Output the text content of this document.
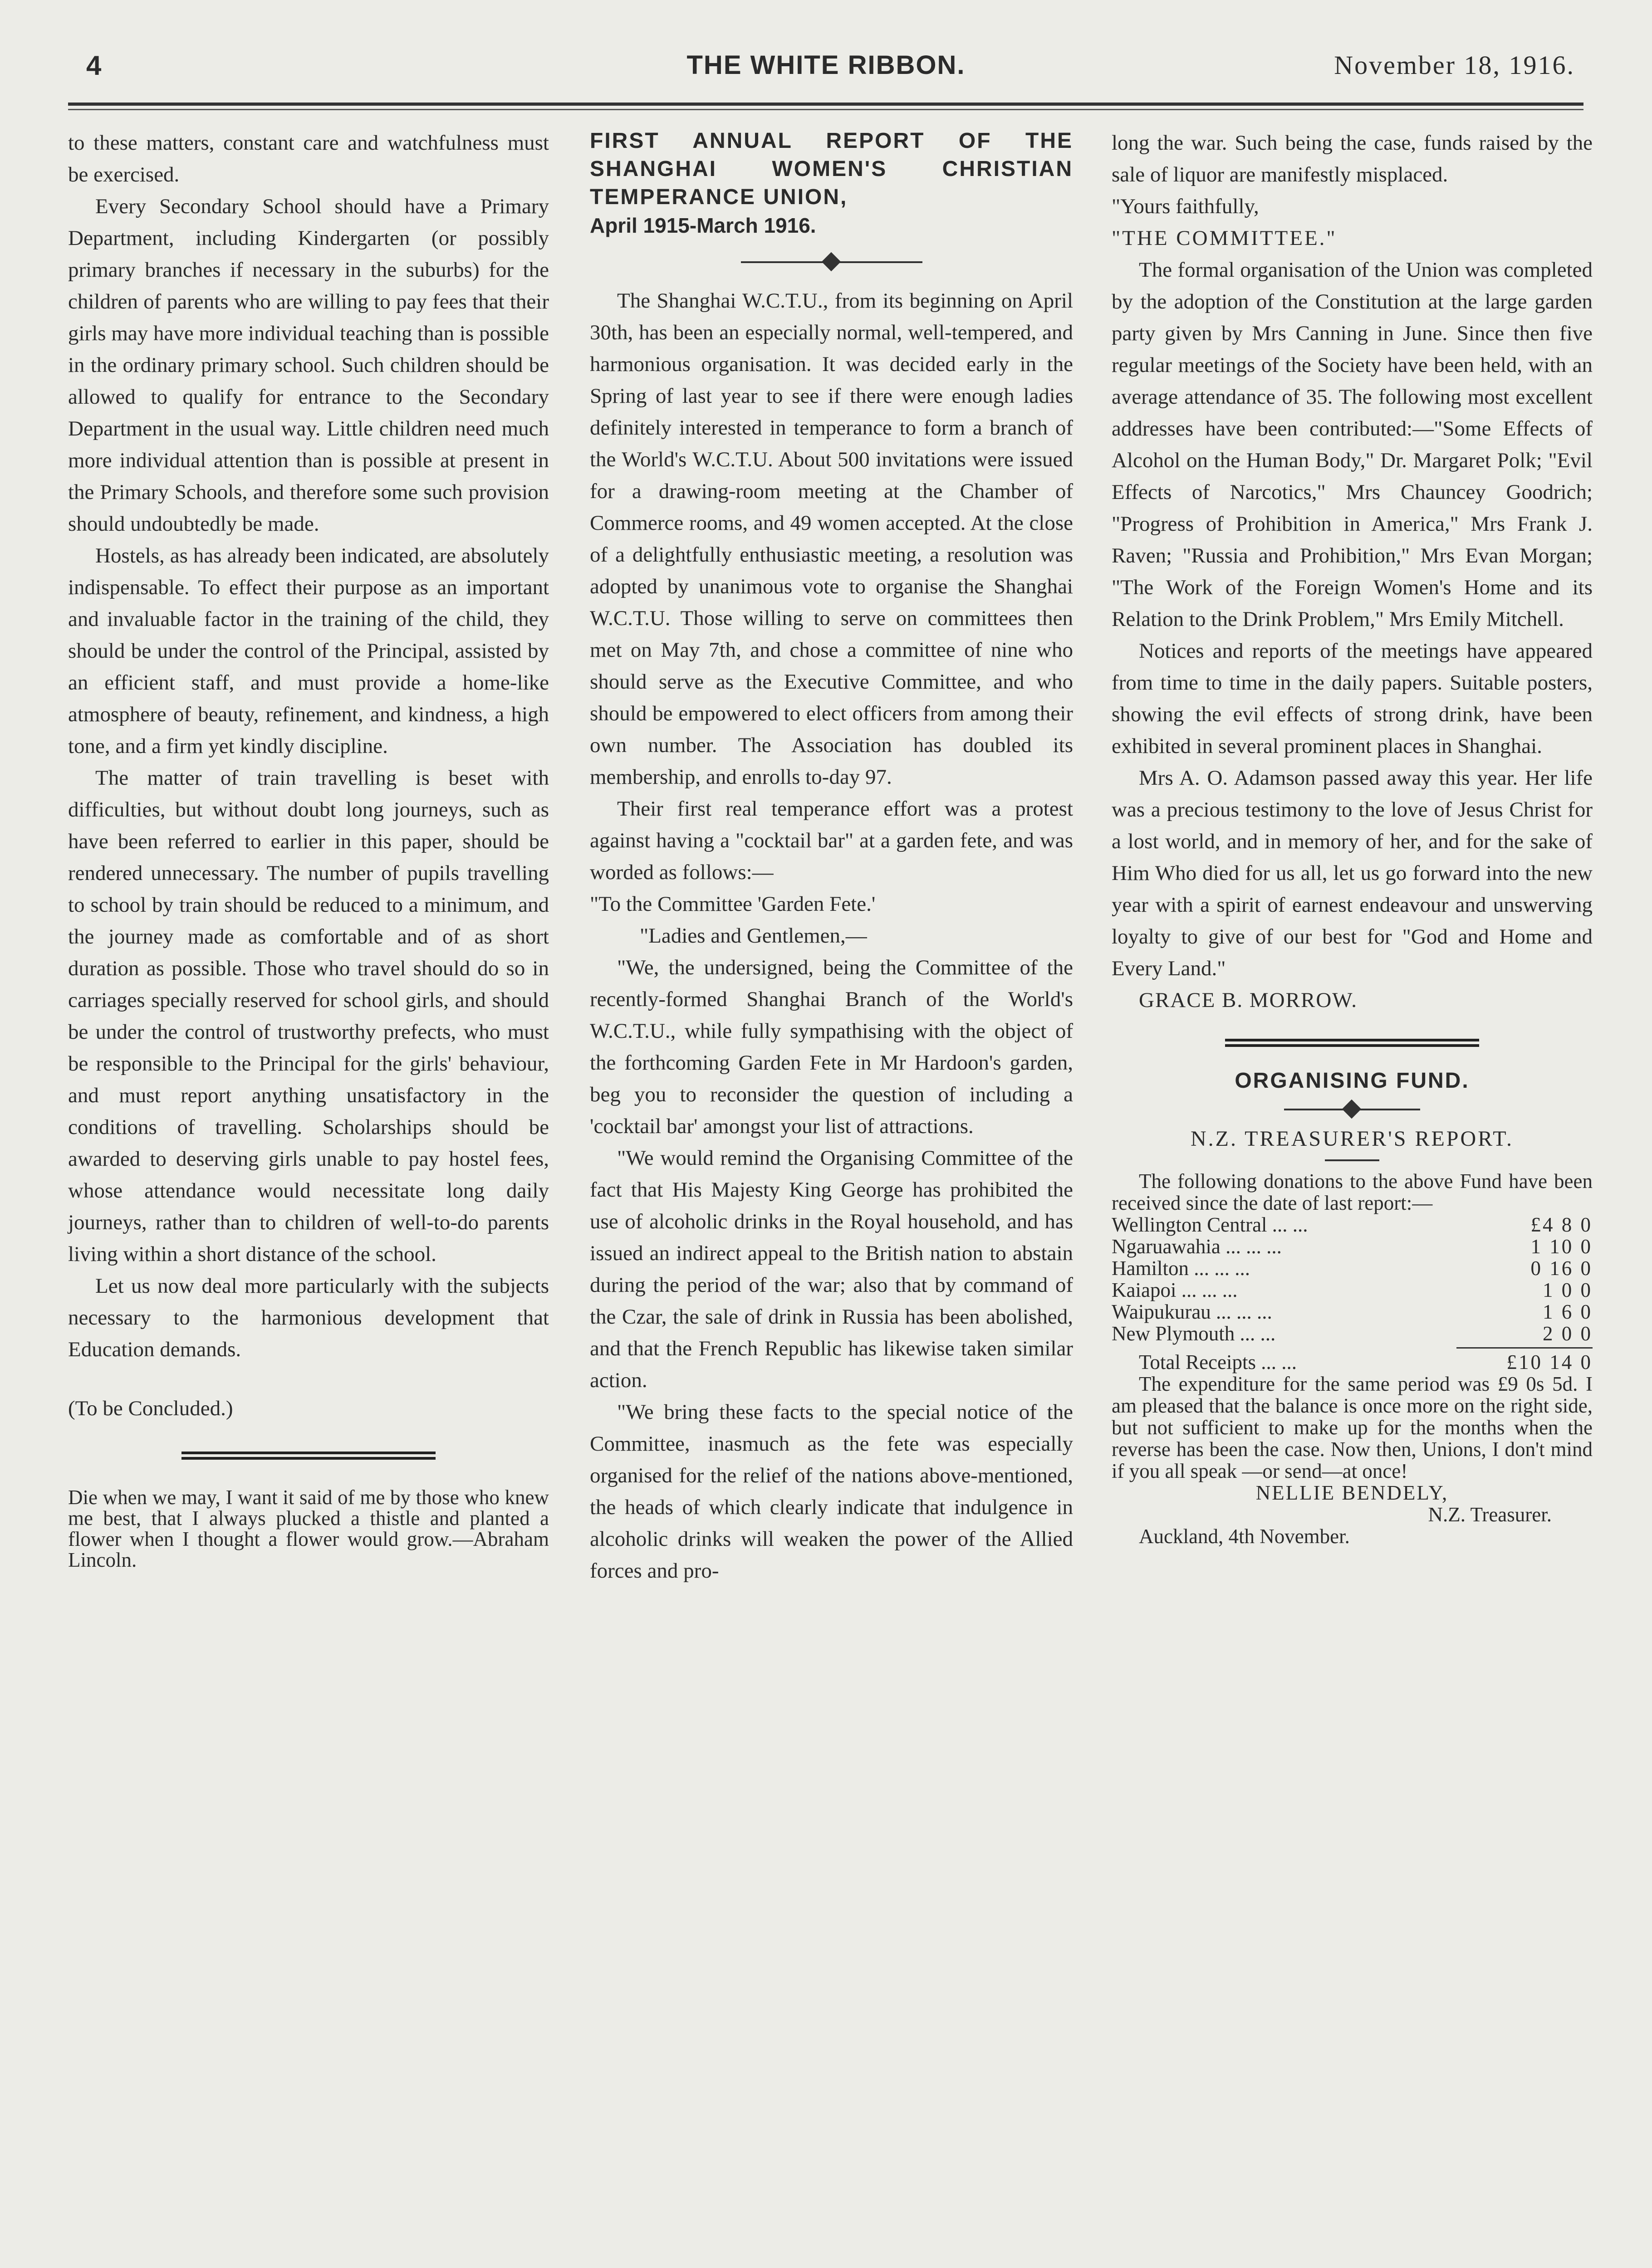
THE WHITE RIBBON.
4	November 18, 1916.

to these matters, constant care and watchfulness must be exercised.

Every Secondary School should have a Primary Department, including Kindergarten (or possibly primary branches if necessary in the suburbs) for the children of parents who are willing to pay fees that their girls may have more individual teaching than is possible in the ordinary primary school. Such children should be allowed to qualify for entrance to the Secondary Department in the usual way. Little children need much more individual attention than is possible at present in the Primary Schools, and therefore some such provision should undoubtedly be made.

Hostels, as has already been indicated, are absolutely indispensable. To effect their purpose as an important and invaluable factor in the training of the child, they should be under the control of the Principal, assisted by an efficient staff, and must provide a home-like atmosphere of beauty, refinement, and kindness, a high tone, and a firm yet kindly discipline.

The matter of train travelling is beset with difficulties, but without doubt long journeys, such as have been referred to earlier in this paper, should be rendered unnecessary. The number of pupils travelling to school by train should be reduced to a minimum, and the journey made as comfortable and of as short duration as possible. Those who travel should do so in carriages specially reserved for school girls, and should be under the control of trustworthy prefects, who must be responsible to the Principal for the girls' behaviour, and must report anything unsatisfactory in the conditions of travelling. Scholarships should be awarded to deserving girls unable to pay hostel fees, whose attendance would necessitate long daily journeys, rather than to children of well-to-do parents living within a short distance of the school.

Let us now deal more particularly with the subjects necessary to the harmonious development that Education demands.

(To be Concluded.)

Die when we may, I want it said of me by those who knew me best, that I always plucked a thistle and planted a flower when I thought a flower would grow.—Abraham Lincoln.

FIRST ANNUAL REPORT OF THE SHANGHAI WOMEN'S CHRISTIAN TEMPERANCE UNION,
April 1915-March 1916.

The Shanghai W.C.T.U., from its beginning on April 30th, has been an especially normal, well-tempered, and harmonious organisation. It was decided early in the Spring of last year to see if there were enough ladies definitely interested in temperance to form a branch of the World's W.C.T.U. About 500 invitations were issued for a drawing-room meeting at the Chamber of Commerce rooms, and 49 women accepted. At the close of a delightfully enthusiastic meeting, a resolution was adopted by unanimous vote to organise the Shanghai W.C.T.U. Those willing to serve on committees then met on May 7th, and chose a committee of nine who should serve as the Executive Committee, and who should be empowered to elect officers from among their own number. The Association has doubled its membership, and enrolls to-day 97.

Their first real temperance effort was a protest against having a "cocktail bar" at a garden fete, and was worded as follows:—

"To the Committee 'Garden Fete.'

"Ladies and Gentlemen,—

"We, the undersigned, being the Committee of the recently-formed Shanghai Branch of the World's W.C.T.U., while fully sympathising with the object of the forthcoming Garden Fete in Mr Hardoon's garden, beg you to reconsider the question of including a 'cocktail bar' amongst your list of attractions.

"We would remind the Organising Committee of the fact that His Majesty King George has prohibited the use of alcoholic drinks in the Royal household, and has issued an indirect appeal to the British nation to abstain during the period of the war; also that by command of the Czar, the sale of drink in Russia has been abolished, and that the French Republic has likewise taken similar action.

"We bring these facts to the special notice of the Committee, inasmuch as the fete was especially organised for the relief of the nations above-mentioned, the heads of which clearly indicate that indulgence in alcoholic drinks will weaken the power of the Allied forces and pro-

long the war. Such being the case, funds raised by the sale of liquor are manifestly misplaced.

"Yours faithfully,

"THE COMMITTEE."

The formal organisation of the Union was completed by the adoption of the Constitution at the large garden party given by Mrs Canning in June. Since then five regular meetings of the Society have been held, with an average attendance of 35. The following most excellent addresses have been contributed:—"Some Effects of Alcohol on the Human Body," Dr. Margaret Polk; "Evil Effects of Narcotics," Mrs Chauncey Goodrich; "Progress of Prohibition in America," Mrs Frank J. Raven; "Russia and Prohibition," Mrs Evan Morgan; "The Work of the Foreign Women's Home and its Relation to the Drink Problem," Mrs Emily Mitchell.

Notices and reports of the meetings have appeared from time to time in the daily papers. Suitable posters, showing the evil effects of strong drink, have been exhibited in several prominent places in Shanghai.

Mrs A. O. Adamson passed away this year. Her life was a precious testimony to the love of Jesus Christ for a lost world, and in memory of her, and for the sake of Him Who died for us all, let us go forward into the new year with a spirit of earnest endeavour and unswerving loyalty to give of our best for "God and Home and Every Land."

GRACE B. MORROW.

ORGANISING FUND.
N.Z. TREASURER'S REPORT.

The following donations to the above Fund have been received since the date of last report:—

Wellington Central ... ...	£4 8 0
Ngaruawahia ... ... ...	1 10 0
Hamilton ... ... ...	0 16 0
Kaiapoi ... ... ...	1 0 0
Waipukurau ... ... ...	1 6 0
New Plymouth ... ...	2 0 0
Total Receipts ... ...	£10 14 0

The expenditure for the same period was £9 0s 5d. I am pleased that the balance is once more on the right side, but not sufficient to make up for the months when the reverse has been the case. Now then, Unions, I don't mind if you all speak —or send—at once!

NELLIE BENDELY,
N.Z. Treasurer.
Auckland, 4th November.
